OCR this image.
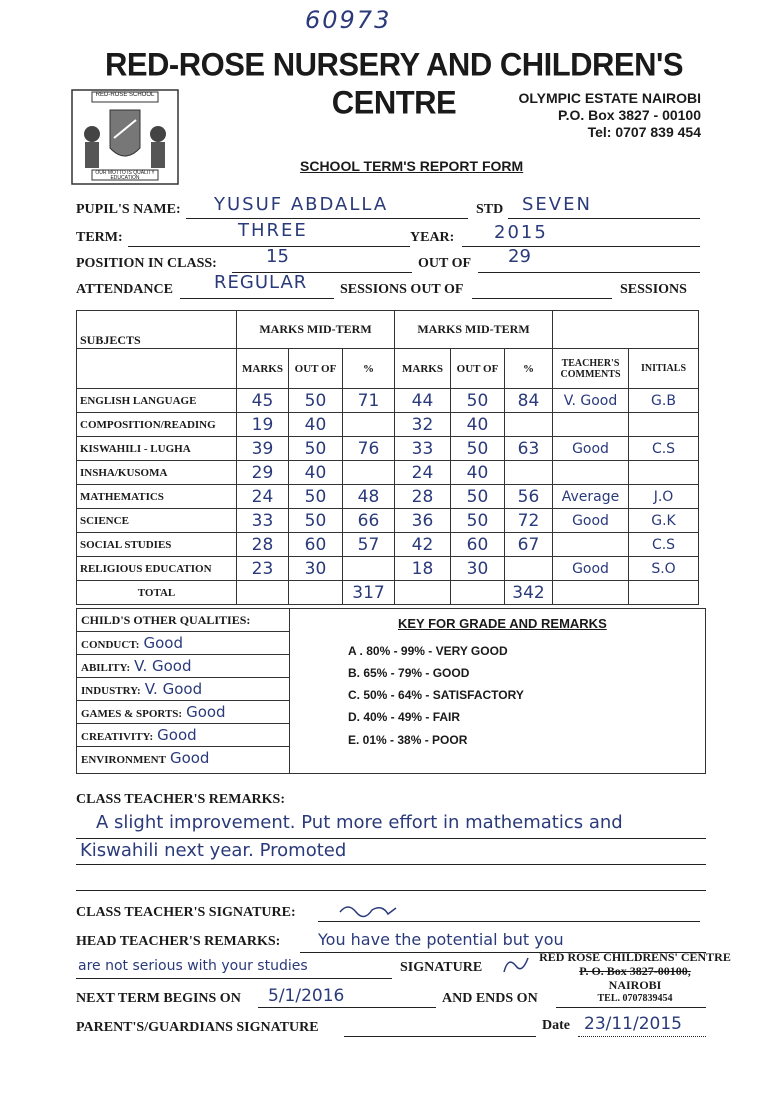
60973
RED-ROSE NURSERY AND CHILDREN'S CENTRE
RED-ROSE SCHOOL
OUR MOTTO IS QUALITY EDUCATION
OLYMPIC ESTATE NAIROBI
P.O. Box 3827 - 00100
Tel: 0707 839 454
SCHOOL TERM'S REPORT FORM
PUPIL'S NAME: YUSUF ABDALLA	STD SEVEN
TERM:	THREE	YEAR: 2015
POSITION IN CLASS:	15	OUT OF 29
ATTENDANCE REGULAR SESSIONS OUT OF	SESSIONS
SUBJECTS	MARKS MID-TERM			MARKS MID-TERM				
	MARKS	OUT OF	%	MARKS	OUT OF	%	TEACHER'S COMMENTS	INITIALS
ENGLISH LANGUAGE	45	50	71	44	50	84	V. Good	G.B
COMPOSITION/READING	19	40		32	40			
KISWAHILI - LUGHA	39	50	76	33	50	63	Good	C.S
INSHA/KUSOMA	29	40		24	40			
MATHEMATICS	24	50	48	28	50	56	Average	J.O
SCIENCE	33	50	66	36	50	72	Good	G.K
SOCIAL STUDIES	28	60	57	42	60	67		C.S
RELIGIOUS EDUCATION	23	30		18	30		Good	S.O
TOTAL			317			342		
CHILD'S OTHER QUALITIES:
CONDUCT: Good
ABILITY: V. Good
INDUSTRY: V. Good
GAMES & SPORTS: Good
CREATIVITY: Good
ENVIRONMENT Good
KEY FOR GRADE AND REMARKS
A . 80% - 99% - VERY GOOD
B. 65% - 79% - GOOD
C. 50% - 64% - SATISFACTORY
D. 40% - 49% - FAIR
E. 01% - 38% - POOR
CLASS TEACHER'S REMARKS:
A slight improvement. Put more effort in mathematics and
Kiswahili next year. Promoted
CLASS TEACHER'S SIGNATURE:
HEAD TEACHER'S REMARKS: You have the potential but you
are not serious with your studies	SIGNATURE
RED ROSE CHILDRENS' CENTRE
P. O. Box 3827-00100,
NAIROBI
TEL. 0707839454
NEXT TERM BEGINS ON 5/1/2016	AND ENDS ON
PARENT'S/GUARDIANS SIGNATURE	Date 23/11/2015
